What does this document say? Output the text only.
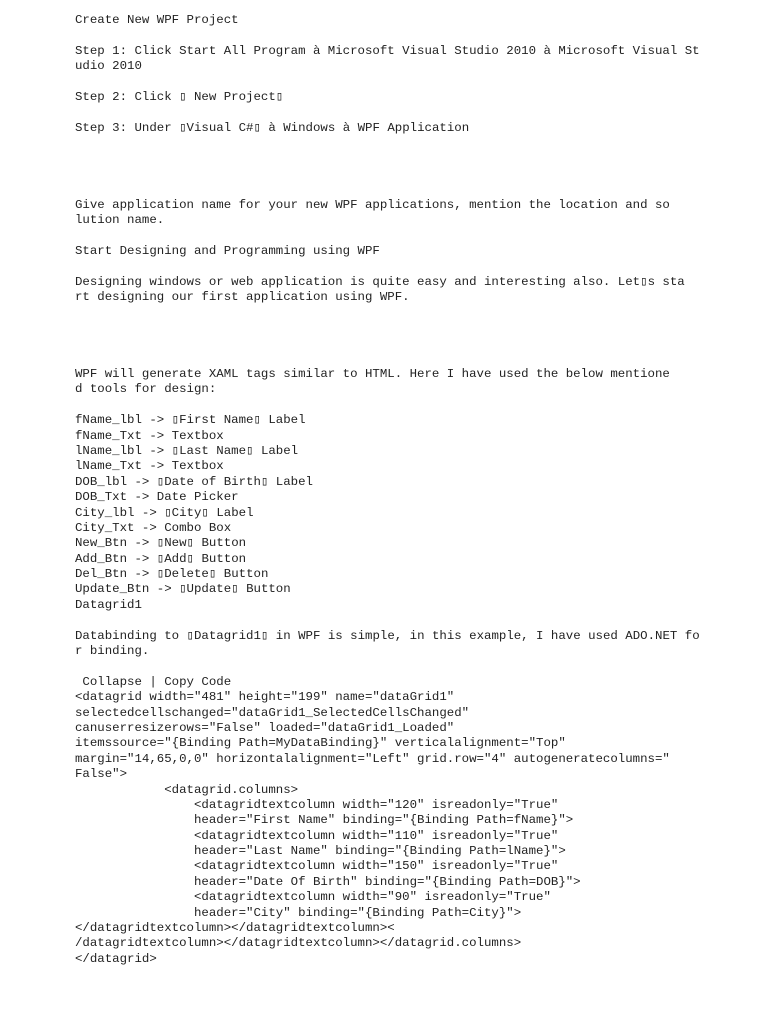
Create New WPF Project
Step 1: Click Start All Program à Microsoft Visual Studio 2010 à Microsoft Visual St
udio 2010
Step 2: Click ▯ New Project▯
Step 3: Under ▯Visual C#▯ à Windows à WPF Application
Give application name for your new WPF applications, mention the location and so
lution name.
Start Designing and Programming using WPF
Designing windows or web application is quite easy and interesting also. Let▯s sta
rt designing our first application using WPF.
WPF will generate XAML tags similar to HTML. Here I have used the below mentione
d tools for design:
fName_lbl -> ▯First Name▯ Label
fName_Txt -> Textbox
lName_lbl -> ▯Last Name▯ Label
lName_Txt -> Textbox
DOB_lbl -> ▯Date of Birth▯ Label
DOB_Txt -> Date Picker
City_lbl -> ▯City▯ Label
City_Txt -> Combo Box
New_Btn -> ▯New▯ Button
Add_Btn -> ▯Add▯ Button
Del_Btn -> ▯Delete▯ Button
Update_Btn -> ▯Update▯ Button
Datagrid1
Databinding to ▯Datagrid1▯ in WPF is simple, in this example, I have used ADO.NET fo
r binding.
Collapse | Copy Code
<datagrid width="481" height="199" name="dataGrid1"
selectedcellschanged="dataGrid1_SelectedCellsChanged"
canuserresizerows="False" loaded="dataGrid1_Loaded"
itemssource="{Binding Path=MyDataBinding}" verticalalignment="Top"
margin="14,65,0,0" horizontalalignment="Left" grid.row="4" autogeneratecolumns="
False">
<datagrid.columns>
<datagridtextcolumn width="120" isreadonly="True"
header="First Name" binding="{Binding Path=fName}">
<datagridtextcolumn width="110" isreadonly="True"
header="Last Name" binding="{Binding Path=lName}">
<datagridtextcolumn width="150" isreadonly="True"
header="Date Of Birth" binding="{Binding Path=DOB}">
<datagridtextcolumn width="90" isreadonly="True"
header="City" binding="{Binding Path=City}">
</datagridtextcolumn></datagridtextcolumn><
/datagridtextcolumn></datagridtextcolumn></datagrid.columns>
</datagrid>
